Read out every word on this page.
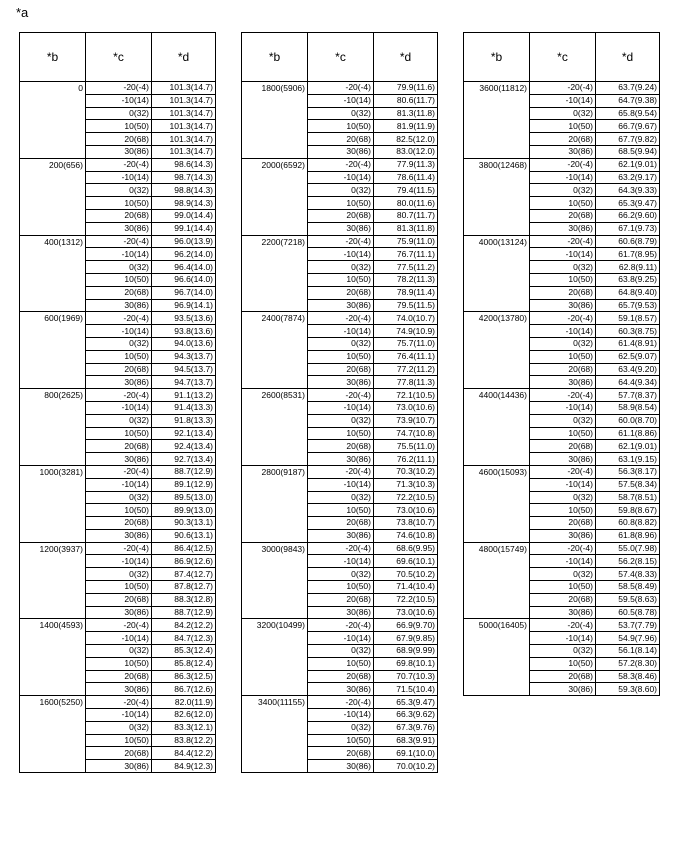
*a
*b	*c	*d
0	-20(-4)	101.3(14.7)
	-10(14)	101.3(14.7)
	0(32)	101.3(14.7)
	10(50)	101.3(14.7)
	20(68)	101.3(14.7)
	30(86)	101.3(14.7)
200(656)	-20(-4)	98.6(14.3)
	-10(14)	98.7(14.3)
	0(32)	98.8(14.3)
	10(50)	98.9(14.3)
	20(68)	99.0(14.4)
	30(86)	99.1(14.4)
400(1312)	-20(-4)	96.0(13.9)
	-10(14)	96.2(14.0)
	0(32)	96.4(14.0)
	10(50)	96.6(14.0)
	20(68)	96.7(14.0)
	30(86)	96.9(14.1)
600(1969)	-20(-4)	93.5(13.6)
	-10(14)	93.8(13.6)
	0(32)	94.0(13.6)
	10(50)	94.3(13.7)
	20(68)	94.5(13.7)
	30(86)	94.7(13.7)
800(2625)	-20(-4)	91.1(13.2)
	-10(14)	91.4(13.3)
	0(32)	91.8(13.3)
	10(50)	92.1(13.4)
	20(68)	92.4(13.4)
	30(86)	92.7(13.4)
1000(3281)	-20(-4)	88.7(12.9)
	-10(14)	89.1(12.9)
	0(32)	89.5(13.0)
	10(50)	89.9(13.0)
	20(68)	90.3(13.1)
	30(86)	90.6(13.1)
1200(3937)	-20(-4)	86.4(12.5)
	-10(14)	86.9(12.6)
	0(32)	87.4(12.7)
	10(50)	87.8(12.7)
	20(68)	88.3(12.8)
	30(86)	88.7(12.9)
1400(4593)	-20(-4)	84.2(12.2)
	-10(14)	84.7(12.3)
	0(32)	85.3(12.4)
	10(50)	85.8(12.4)
	20(68)	86.3(12.5)
	30(86)	86.7(12.6)
1600(5250)	-20(-4)	82.0(11.9)
	-10(14)	82.6(12.0)
	0(32)	83.3(12.1)
	10(50)	83.8(12.2)
	20(68)	84.4(12.2)
	30(86)	84.9(12.3)
*b	*c	*d
1800(5906)	-20(-4)	79.9(11.6)
	-10(14)	80.6(11.7)
	0(32)	81.3(11.8)
	10(50)	81.9(11.9)
	20(68)	82.5(12.0)
	30(86)	83.0(12.0)
2000(6592)	-20(-4)	77.9(11.3)
	-10(14)	78.6(11.4)
	0(32)	79.4(11.5)
	10(50)	80.0(11.6)
	20(68)	80.7(11.7)
	30(86)	81.3(11.8)
2200(7218)	-20(-4)	75.9(11.0)
	-10(14)	76.7(11.1)
	0(32)	77.5(11.2)
	10(50)	78.2(11.3)
	20(68)	78.9(11.4)
	30(86)	79.5(11.5)
2400(7874)	-20(-4)	74.0(10.7)
	-10(14)	74.9(10.9)
	0(32)	75.7(11.0)
	10(50)	76.4(11.1)
	20(68)	77.2(11.2)
	30(86)	77.8(11.3)
2600(8531)	-20(-4)	72.1(10.5)
	-10(14)	73.0(10.6)
	0(32)	73.9(10.7)
	10(50)	74.7(10.8)
	20(68)	75.5(11.0)
	30(86)	76.2(11.1)
2800(9187)	-20(-4)	70.3(10.2)
	-10(14)	71.3(10.3)
	0(32)	72.2(10.5)
	10(50)	73.0(10.6)
	20(68)	73.8(10.7)
	30(86)	74.6(10.8)
3000(9843)	-20(-4)	68.6(9.95)
	-10(14)	69.6(10.1)
	0(32)	70.5(10.2)
	10(50)	71.4(10.4)
	20(68)	72.2(10.5)
	30(86)	73.0(10.6)
3200(10499)	-20(-4)	66.9(9.70)
	-10(14)	67.9(9.85)
	0(32)	68.9(9.99)
	10(50)	69.8(10.1)
	20(68)	70.7(10.3)
	30(86)	71.5(10.4)
3400(11155)	-20(-4)	65.3(9.47)
	-10(14)	66.3(9.62)
	0(32)	67.3(9.76)
	10(50)	68.3(9.91)
	20(68)	69.1(10.0)
	30(86)	70.0(10.2)
*b	*c	*d
3600(11812)	-20(-4)	63.7(9.24)
	-10(14)	64.7(9.38)
	0(32)	65.8(9.54)
	10(50)	66.7(9.67)
	20(68)	67.7(9.82)
	30(86)	68.5(9.94)
3800(12468)	-20(-4)	62.1(9.01)
	-10(14)	63.2(9.17)
	0(32)	64.3(9.33)
	10(50)	65.3(9.47)
	20(68)	66.2(9.60)
	30(86)	67.1(9.73)
4000(13124)	-20(-4)	60.6(8.79)
	-10(14)	61.7(8.95)
	0(32)	62.8(9.11)
	10(50)	63.8(9.25)
	20(68)	64.8(9.40)
	30(86)	65.7(9.53)
4200(13780)	-20(-4)	59.1(8.57)
	-10(14)	60.3(8.75)
	0(32)	61.4(8.91)
	10(50)	62.5(9.07)
	20(68)	63.4(9.20)
	30(86)	64.4(9.34)
4400(14436)	-20(-4)	57.7(8.37)
	-10(14)	58.9(8.54)
	0(32)	60.0(8.70)
	10(50)	61.1(8.86)
	20(68)	62.1(9.01)
	30(86)	63.1(9.15)
4600(15093)	-20(-4)	56.3(8.17)
	-10(14)	57.5(8.34)
	0(32)	58.7(8.51)
	10(50)	59.8(8.67)
	20(68)	60.8(8.82)
	30(86)	61.8(8.96)
4800(15749)	-20(-4)	55.0(7.98)
	-10(14)	56.2(8.15)
	0(32)	57.4(8.33)
	10(50)	58.5(8.49)
	20(68)	59.5(8.63)
	30(86)	60.5(8.78)
5000(16405)	-20(-4)	53.7(7.79)
	-10(14)	54.9(7.96)
	0(32)	56.1(8.14)
	10(50)	57.2(8.30)
	20(68)	58.3(8.46)
	30(86)	59.3(8.60)
